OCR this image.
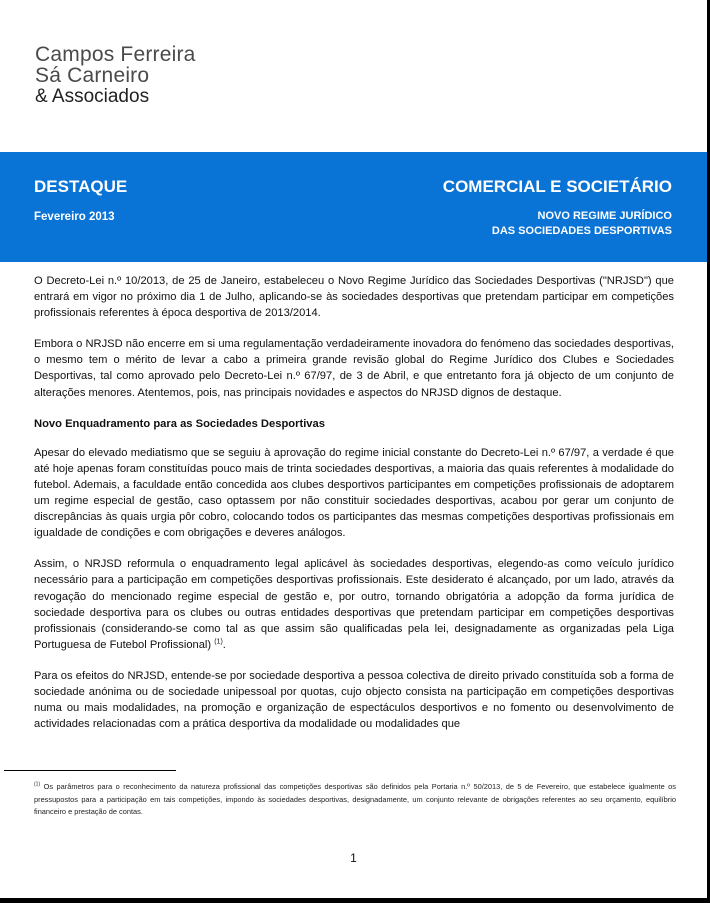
Campos Ferreira
Sá Carneiro
& Associados
DESTAQUE
Fevereiro 2013
COMERCIAL E SOCIETÁRIO
NOVO REGIME JURÍDICO
DAS SOCIEDADES DESPORTIVAS

O Decreto-Lei n.º 10/2013, de 25 de Janeiro, estabeleceu o Novo Regime Jurídico das Sociedades Desportivas ("NRJSD") que entrará em vigor no próximo dia 1 de Julho, aplicando-se às sociedades desportivas que pretendam participar em competições profissionais referentes à época desportiva de 2013/2014.

Embora o NRJSD não encerre em si uma regulamentação verdadeiramente inovadora do fenómeno das sociedades desportivas, o mesmo tem o mérito de levar a cabo a primeira grande revisão global do Regime Jurídico dos Clubes e Sociedades Desportivas, tal como aprovado pelo Decreto-Lei n.º 67/97, de 3 de Abril, e que entretanto fora já objecto de um conjunto de alterações menores. Atentemos, pois, nas principais novidades e aspectos do NRJSD dignos de destaque.

Novo Enquadramento para as Sociedades Desportivas

Apesar do elevado mediatismo que se seguiu à aprovação do regime inicial constante do Decreto-Lei n.º 67/97, a verdade é que até hoje apenas foram constituídas pouco mais de trinta sociedades desportivas, a maioria das quais referentes à modalidade do futebol. Ademais, a faculdade então concedida aos clubes desportivos participantes em competições profissionais de adoptarem um regime especial de gestão, caso optassem por não constituir sociedades desportivas, acabou por gerar um conjunto de discrepâncias às quais urgia pôr cobro, colocando todos os participantes das mesmas competições desportivas profissionais em igualdade de condições e com obrigações e deveres análogos.

Assim, o NRJSD reformula o enquadramento legal aplicável às sociedades desportivas, elegendo-as como veículo jurídico necessário para a participação em competições desportivas profissionais. Este desiderato é alcançado, por um lado, através da revogação do mencionado regime especial de gestão e, por outro, tornando obrigatória a adopção da forma jurídica de sociedade desportiva para os clubes ou outras entidades desportivas que pretendam participar em competições desportivas profissionais (considerando-se como tal as que assim são qualificadas pela lei, designadamente as organizadas pela Liga Portuguesa de Futebol Profissional) $^{(1)}$.

Para os efeitos do NRJSD, entende-se por sociedade desportiva a pessoa colectiva de direito privado constituída sob a forma de sociedade anónima ou de sociedade unipessoal por quotas, cujo objecto consista na participação em competições desportivas numa ou mais modalidades, na promoção e organização de espectáculos desportivos e no fomento ou desenvolvimento de actividades relacionadas com a prática desportiva da modalidade ou modalidades que

$^{(1)}$ Os parâmetros para o reconhecimento da natureza profissional das competições desportivas são definidos pela Portaria n.º 50/2013, de 5 de Fevereiro, que estabelece igualmente os pressupostos para a participação em tais competições, impondo às sociedades desportivas, designadamente, um conjunto relevante de obrigações referentes ao seu orçamento, equilíbrio financeiro e prestação de contas.
1
